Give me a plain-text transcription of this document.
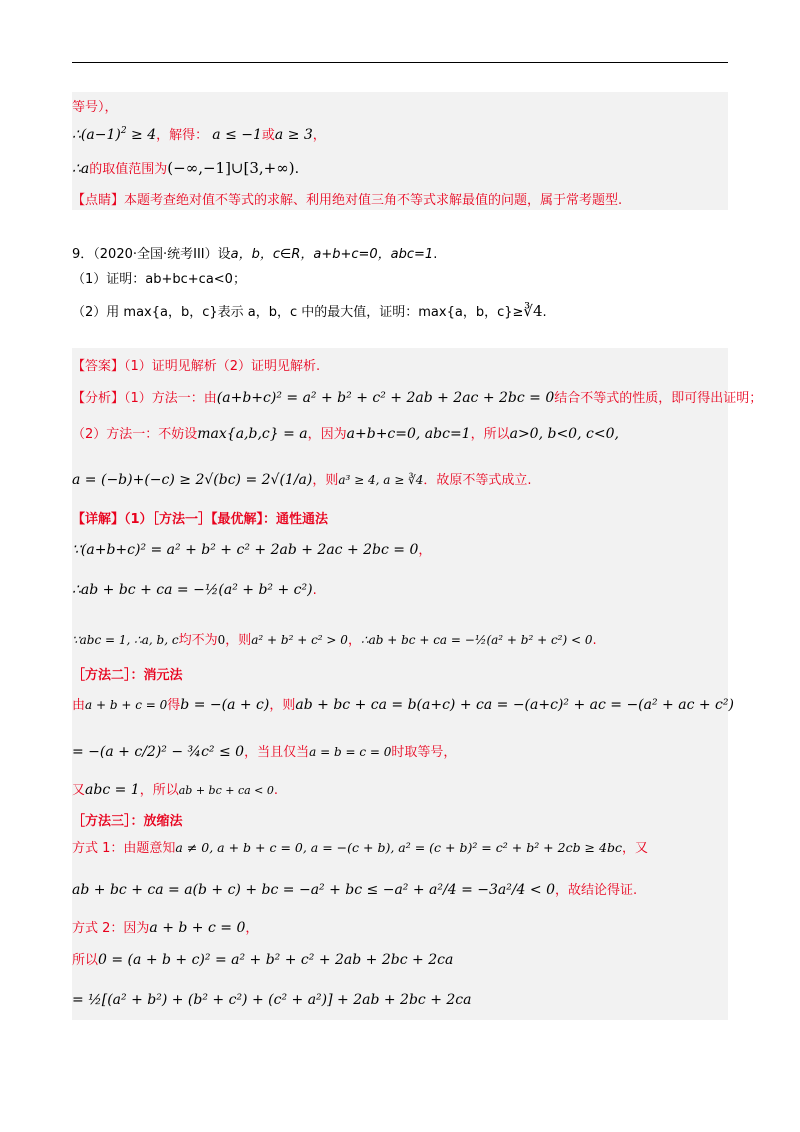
等号），
$\therefore(a-1)^2 \ge 4$，解得： a ≤ −1或a ≥ 3，
∴a的取值范围为(−∞,−1]∪[3,+∞).
【点睛】本题考查绝对值不等式的求解、利用绝对值三角不等式求解最值的问题，属于常考题型.
9．（2020·全国·统考III）设a，b，c∈R，a+b+c=0，abc=1.
（1）证明：ab+bc+ca<0；
（2）用 max{a，b，c}表示 a，b，c 中的最大值，证明：max{a，b，c}≥∛4.
【答案】（1）证明见解析（2）证明见解析.
【分析】（1）方法一：由(a+b+c)² = a² + b² + c² + 2ab + 2ac + 2bc = 0结合不等式的性质，即可得出证明；
（2）方法一：不妨设max{a,b,c} = a，因为a+b+c=0, abc=1，所以a>0, b<0, c<0,
a = (−b)+(−c) ≥ 2√(bc) = 2√(1/a)，则a³ ≥ 4, a ≥ ∛4．故原不等式成立.
【详解】（1）［方法一］【最优解】：通性通法
∵(a+b+c)² = a² + b² + c² + 2ab + 2ac + 2bc = 0，
∴ab + bc + ca = −½(a² + b² + c²).
∵abc = 1, ∴a, b, c均不为0，则a² + b² + c² > 0，∴ab + bc + ca = −½(a² + b² + c²) < 0.
［方法二］：消元法
由a + b + c = 0得b = −(a + c)，则ab + bc + ca = b(a+c) + ca = −(a+c)² + ac = −(a² + ac + c²)
= −(a + c/2)² − ¾c² ≤ 0，当且仅当a = b = c = 0时取等号，
又abc = 1，所以ab + bc + ca < 0.
［方法三］：放缩法
方式 1：由题意知a ≠ 0, a + b + c = 0, a = −(c + b), a² = (c + b)² = c² + b² + 2cb ≥ 4bc，又
ab + bc + ca = a(b + c) + bc = −a² + bc ≤ −a² + a²/4 = −3a²/4 < 0，故结论得证.
方式 2：因为a + b + c = 0，
所以0 = (a + b + c)² = a² + b² + c² + 2ab + 2bc + 2ca
= ½[(a² + b²) + (b² + c²) + (c² + a²)] + 2ab + 2bc + 2ca
